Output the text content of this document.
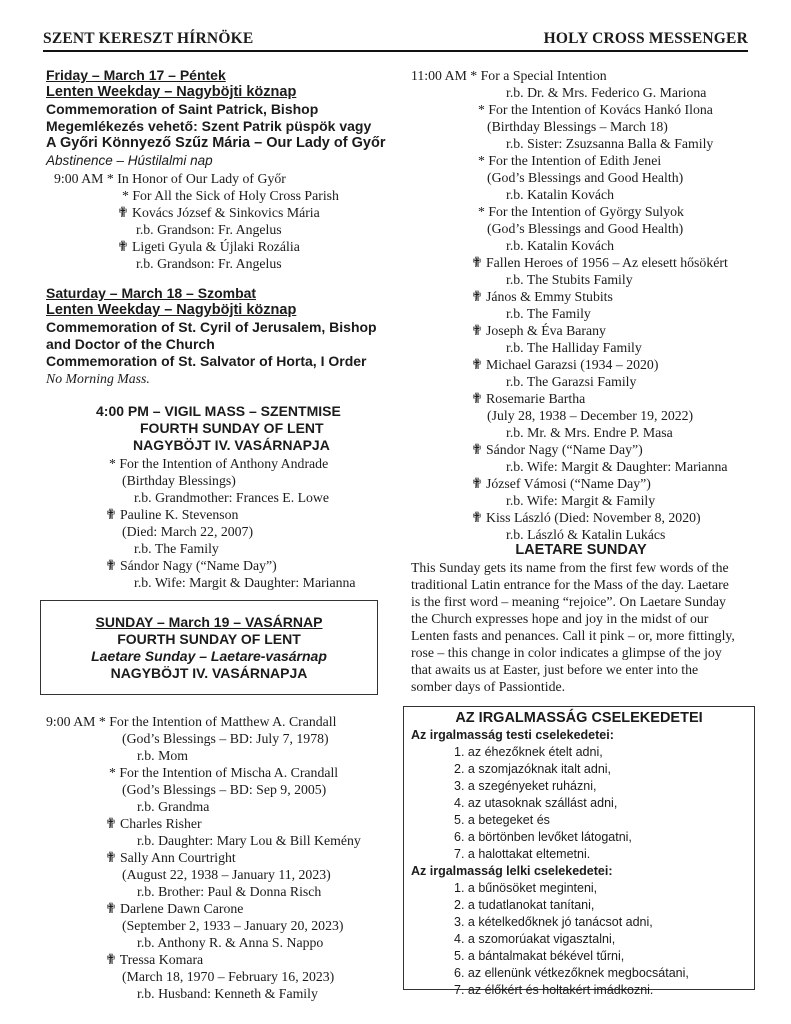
SZENT KERESZT HÍRNÖKE	HOLY CROSS MESSENGER
Friday – March 17 – Péntek
Lenten Weekday – Nagyböjti köznap
Commemoration of Saint Patrick, Bishop
Megemlékezés vehető: Szent Patrik püspök vagy
A Győri Könnyező Szűz Mária – Our Lady of Győr
Abstinence – Hústilalmi nap
9:00 AM * In Honor of Our Lady of Győr
* For All the Sick of Holy Cross Parish
✟ Kovács József & Sinkovics Mária
r.b. Grandson: Fr. Angelus
✟ Ligeti Gyula & Újlaki Rozália
r.b. Grandson: Fr. Angelus
Saturday – March 18 – Szombat
Lenten Weekday – Nagyböjti köznap
Commemoration of St. Cyril of Jerusalem, Bishop
and Doctor of the Church
Commemoration of St. Salvator of Horta, I Order
No Morning Mass.
4:00 PM – VIGIL MASS – SZENTMISE
FOURTH SUNDAY OF LENT
NAGYBÖJT IV. VASÁRNAPJA
* For the Intention of Anthony Andrade
(Birthday Blessings)
r.b. Grandmother: Frances E. Lowe
✟ Pauline K. Stevenson
(Died: March 22, 2007)
r.b. The Family
✟ Sándor Nagy (“Name Day”)
r.b. Wife: Margit & Daughter: Marianna
SUNDAY – March 19 – VASÁRNAP
FOURTH SUNDAY OF LENT
Laetare Sunday – Laetare-vasárnap
NAGYBÖJT IV. VASÁRNAPJA
9:00 AM * For the Intention of Matthew A. Crandall
(God’s Blessings – BD: July 7, 1978)
r.b. Mom
* For the Intention of Mischa A. Crandall
(God’s Blessings – BD: Sep 9, 2005)
r.b. Grandma
✟ Charles Risher
r.b. Daughter: Mary Lou & Bill Kemény
✟ Sally Ann Courtright
(August 22, 1938 – January 11, 2023)
r.b. Brother: Paul & Donna Risch
✟ Darlene Dawn Carone
(September 2, 1933 – January 20, 2023)
r.b. Anthony R. & Anna S. Nappo
✟ Tressa Komara
(March 18, 1970 – February 16, 2023)
r.b. Husband: Kenneth & Family
11:00 AM * For a Special Intention
r.b. Dr. & Mrs. Federico G. Mariona
* For the Intention of Kovács Hankó Ilona
(Birthday Blessings – March 18)
r.b. Sister: Zsuzsanna Balla & Family
* For the Intention of Edith Jenei
(God’s Blessings and Good Health)
r.b. Katalin Kovách
* For the Intention of György Sulyok
(God’s Blessings and Good Health)
r.b. Katalin Kovách
✟ Fallen Heroes of 1956 – Az elesett hősökért
r.b. The Stubits Family
✟ János & Emmy Stubits
r.b. The Family
✟ Joseph & Éva Barany
r.b. The Halliday Family
✟ Michael Garazsi (1934 – 2020)
r.b. The Garazsi Family
✟ Rosemarie Bartha
(July 28, 1938 – December 19, 2022)
r.b. Mr. & Mrs. Endre P. Masa
✟ Sándor Nagy (“Name Day”)
r.b. Wife: Margit & Daughter: Marianna
✟ József Vámosi (“Name Day”)
r.b. Wife: Margit & Family
✟ Kiss László (Died: November 8, 2020)
r.b. László & Katalin Lukács
LAETARE SUNDAY
This Sunday gets its name from the first few words of the
traditional Latin entrance for the Mass of the day. Laetare
is the first word – meaning “rejoice”. On Laetare Sunday
the Church expresses hope and joy in the midst of our
Lenten fasts and penances. Call it pink – or, more fittingly,
rose – this change in color indicates a glimpse of the joy
that awaits us at Easter, just before we enter into the
somber days of Passiontide.
AZ IRGALMASSÁG CSELEKEDETEI
Az irgalmasság testi cselekedetei:
1. az éhezőknek ételt adni,
2. a szomjazóknak italt adni,
3. a szegényeket ruházni,
4. az utasoknak szállást adni,
5. a betegeket és
6. a börtönben levőket látogatni,
7. a halottakat eltemetni.
Az irgalmasság lelki cselekedetei:
1. a bűnösöket meginteni,
2. a tudatlanokat tanítani,
3. a kételkedőknek jó tanácsot adni,
4. a szomorúakat vigasztalni,
5. a bántalmakat békével tűrni,
6. az ellenünk vétkezőknek megbocsátani,
7. az élőkért és holtakért imádkozni.
